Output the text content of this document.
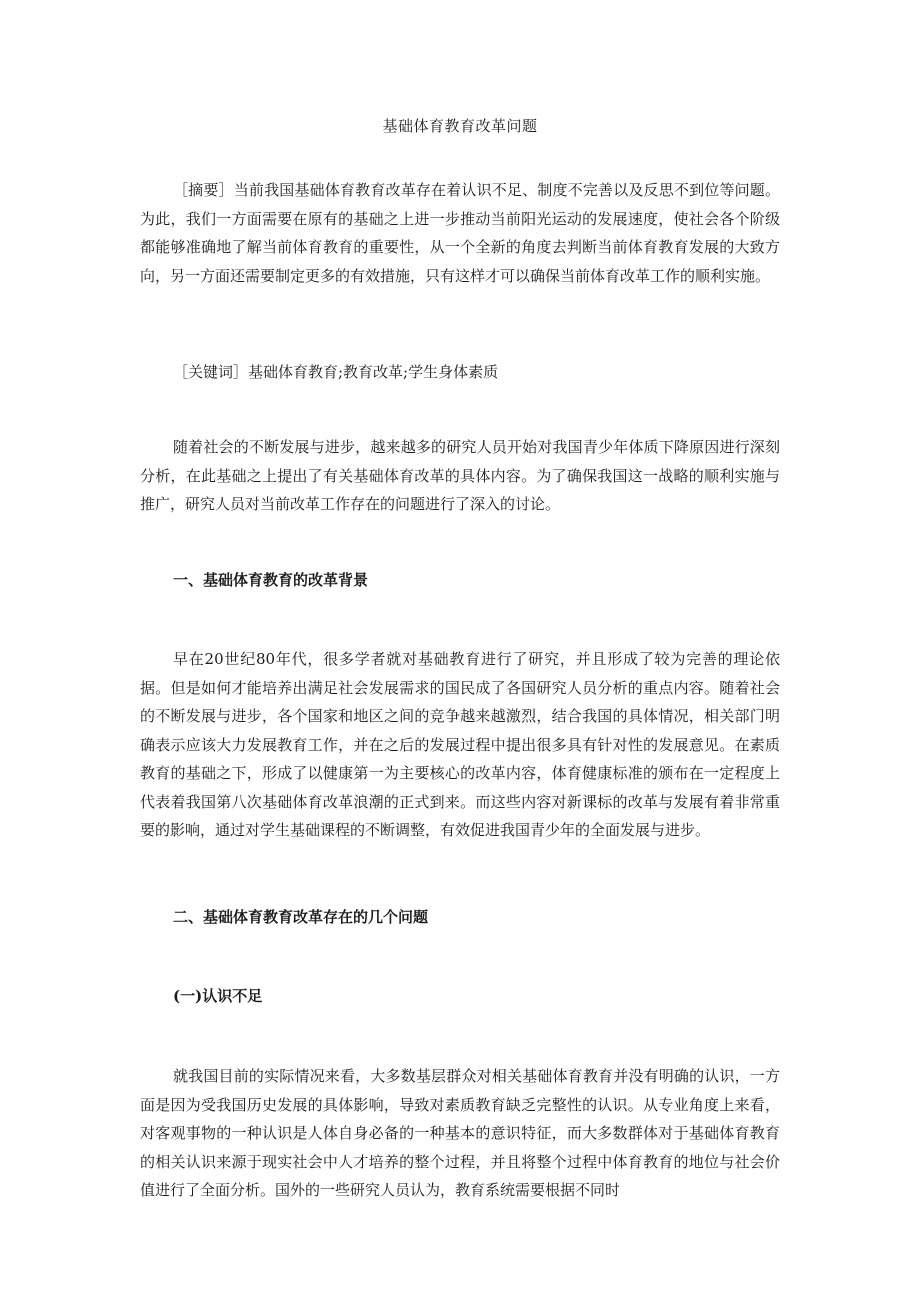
基础体育教育改革问题

［摘要］当前我国基础体育教育改革存在着认识不足、制度不完善以及反思不到位等问题。为此，我们一方面需要在原有的基础之上进一步推动当前阳光运动的发展速度，使社会各个阶级都能够准确地了解当前体育教育的重要性，从一个全新的角度去判断当前体育教育发展的大致方向，另一方面还需要制定更多的有效措施，只有这样才可以确保当前体育改革工作的顺利实施。

［关键词］基础体育教育;教育改革;学生身体素质

随着社会的不断发展与进步，越来越多的研究人员开始对我国青少年体质下降原因进行深刻分析，在此基础之上提出了有关基础体育改革的具体内容。为了确保我国这一战略的顺利实施与推广，研究人员对当前改革工作存在的问题进行了深入的讨论。

一、基础体育教育的改革背景

早在20世纪80年代，很多学者就对基础教育进行了研究，并且形成了较为完善的理论依据。但是如何才能培养出满足社会发展需求的国民成了各国研究人员分析的重点内容。随着社会的不断发展与进步，各个国家和地区之间的竞争越来越激烈，结合我国的具体情况，相关部门明确表示应该大力发展教育工作，并在之后的发展过程中提出很多具有针对性的发展意见。在素质教育的基础之下，形成了以健康第一为主要核心的改革内容，体育健康标准的颁布在一定程度上代表着我国第八次基础体育改革浪潮的正式到来。而这些内容对新课标的改革与发展有着非常重要的影响，通过对学生基础课程的不断调整，有效促进我国青少年的全面发展与进步。

二、基础体育教育改革存在的几个问题
(一)认识不足

就我国目前的实际情况来看，大多数基层群众对相关基础体育教育并没有明确的认识，一方面是因为受我国历史发展的具体影响，导致对素质教育缺乏完整性的认识。从专业角度上来看，对客观事物的一种认识是人体自身必备的一种基本的意识特征，而大多数群体对于基础体育教育的相关认识来源于现实社会中人才培养的整个过程，并且将整个过程中体育教育的地位与社会价值进行了全面分析。国外的一些研究人员认为，教育系统需要根据不同时
